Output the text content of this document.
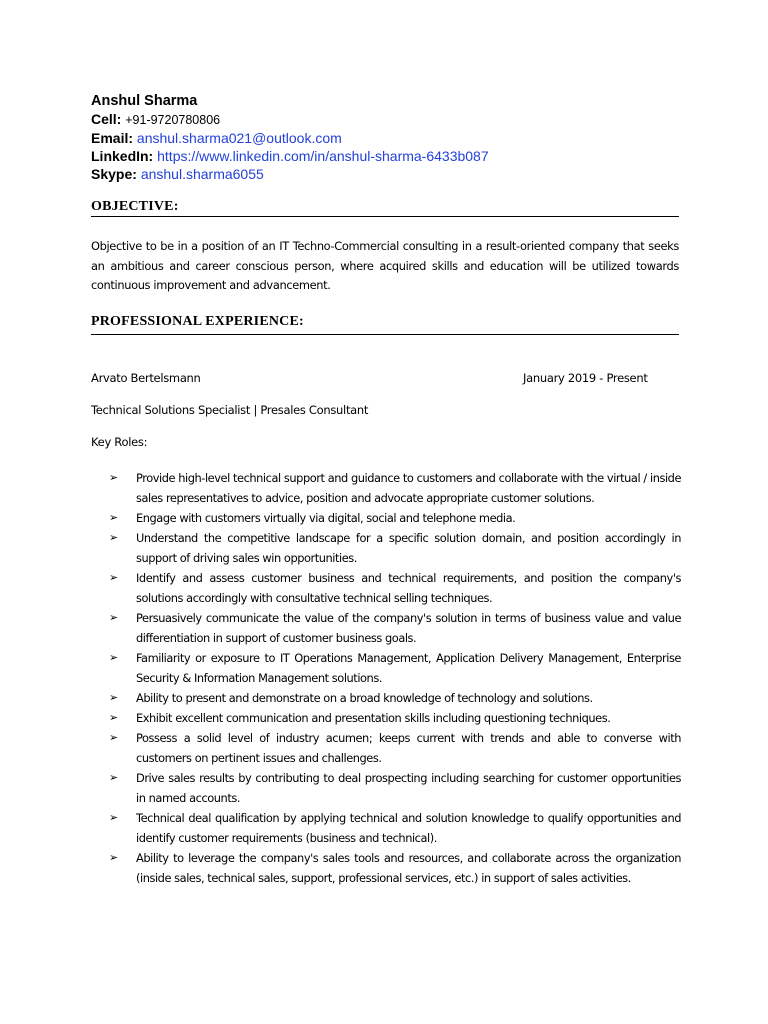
Anshul Sharma
Cell: +91-9720780806
Email: anshul.sharma021@outlook.com
LinkedIn: https://www.linkedin.com/in/anshul-sharma-6433b087
Skype: anshul.sharma6055
OBJECTIVE:
Objective to be in a position of an IT Techno-Commercial consulting in a result-oriented company that seeks an ambitious and career conscious person, where acquired skills and education will be utilized towards continuous improvement and advancement.
PROFESSIONAL EXPERIENCE:
Arvato Bertelsmann	January 2019 - Present
Technical Solutions Specialist | Presales Consultant
Key Roles:
➢ Provide high-level technical support and guidance to customers and collaborate with the virtual / inside sales representatives to advice, position and advocate appropriate customer solutions.
➢ Engage with customers virtually via digital, social and telephone media.
➢ Understand the competitive landscape for a specific solution domain, and position accordingly in support of driving sales win opportunities.
➢ Identify and assess customer business and technical requirements, and position the company's solutions accordingly with consultative technical selling techniques.
➢ Persuasively communicate the value of the company's solution in terms of business value and value differentiation in support of customer business goals.
➢ Familiarity or exposure to IT Operations Management, Application Delivery Management, Enterprise Security & Information Management solutions.
➢ Ability to present and demonstrate on a broad knowledge of technology and solutions.
➢ Exhibit excellent communication and presentation skills including questioning techniques.
➢ Possess a solid level of industry acumen; keeps current with trends and able to converse with customers on pertinent issues and challenges.
➢ Drive sales results by contributing to deal prospecting including searching for customer opportunities in named accounts.
➢ Technical deal qualification by applying technical and solution knowledge to qualify opportunities and identify customer requirements (business and technical).
➢ Ability to leverage the company's sales tools and resources, and collaborate across the organization (inside sales, technical sales, support, professional services, etc.) in support of sales activities.
